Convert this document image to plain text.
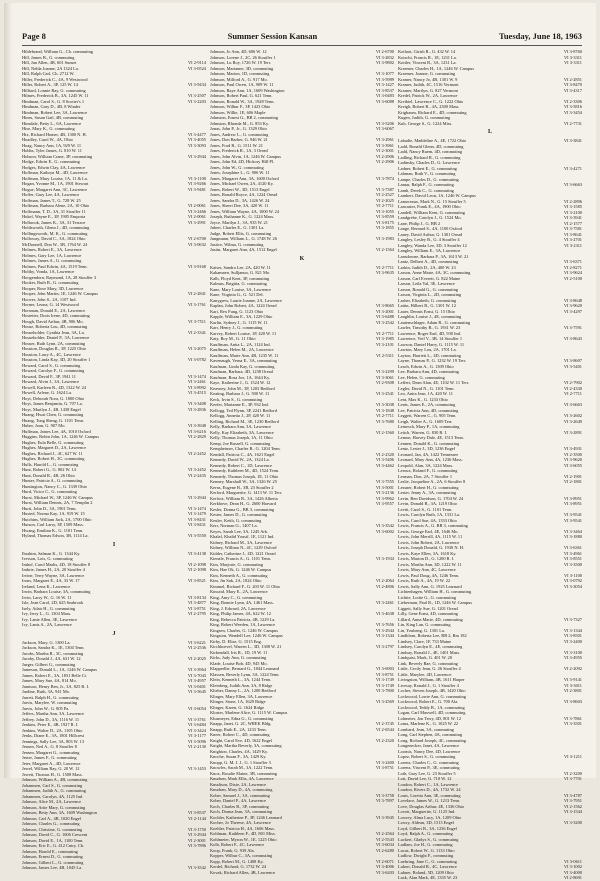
Page 8	Summer Session Kansan	Tuesday, June 18, 1963
Hildebrand, William G., Ch. commuting
Hill, James B., G. commuting
Hill, Jan Allen, 4B, 601 Sunset	VI 2-9114
Hill, Nelda Joanne, 2A 1324 La.	VI 3-0524
Hill, Ralph Carl, Ch. 2712 W.
Hiller, Frederick C., 4A, 9 Westwood
Hiller, Robert A., 3P, 125 W. 14	VI 3-9434
Hilliard, Lonnie Ray, G. commuting
Hilmes, Frederick B., 3A, 1245 W. 11	VI 3-2507
Hindman, Carol S., G. 8 Scotter's 1	VI 3-2203
Hindman, Gary D., 4B, 8 Winder
Hindman, Robert Lee, 3A, Lawrence
Hines, Susan Gail, 4B, commuting
Hinsdale, Betty L., 6A, Lawrence
Hise, Mary K., G. commuting
Hix, Richard Homer, 4B, 1300 N. H.	VI 3-4477
Hoadley, Carol W., 4A, Ohio	VI 3-4055
Hoag, Nancy Ann, 1A, 929 W. 11	VI 3-3093
Hobbs, Tyler James, G. 810 W. 11
Hobson, William Crane, 3P, commuting	VI 3-2944
Hodge, Edwin E., G. commuting
Hodges, Edwin Clay, 4A, Lawrence
Hoffman, Kathryn M., 4D, Lawrence
Hoffman, Mary Louise, 1A, 11 & La.	VI 3-1100
Hogan, Yvonne M., 1A, 1901 Stewart	VI 3-9266
Hogue, Margaret Ann, 3C, Lawrence	VI 3-9481
Hoffer, Gary Lee, 4A, Lawrence
Hoffman, James T., G. 728 W. 25
Hoffman, Barbara Alene, 2A, 10 Ohio	VI 2-0061
Hoffmann, T. D., 3A, 31 Stouffer 11	VI 3-2466
Hokel, Wayne E., 3P, 1905 Emporia	VI 2-0061
Holbrook, James K., 3A, 31 Terrace	VI 3-2991
Holdsworth, Glenn J., 4D, commuting
Hollingsworth, M. K., G. commuting
Holloway, David C., 3A, 1824 Ohio	VI 2-6700
McDonnell, Don W., 3B, 1764 W. 24	VI 3-0632
Holmes, Robert E., 3A, Lawrence
Holmes, Gary Lee, 1A, Lawrence
Holmes, James A., G. commuting
Holmes, Paul Edwin, 4A, 1519 Tenn.	VI 3-9168
Holtby, Vonda, 1A, Lawrence
Hoogendorn, Raymond, 1A, 28 Stouffer 3
Hooker, Ruth B., G. commuting
Hooper, Rose Mary, 3D, Lawrence
Hooper, John Martin, 1E, 1246 W. Campus	VI 2-2841
Hoover, John S., 2A, 1107 Ind.
Horner, Leona, G. 14 Westwood	VI 3-1761
Horsman, Donald E., 2A, Lawrence
Hostetter, Doris Irene, 4D, commuting
Hough, David Arthur, 4B, 906 Mo.	VI 3-7511
House, Roberta Lou, 4D, commuting
Householder, Cynthia Jean, 3A, La.	VI 2-3341
Householder, Daniel P., 3A, Lawrence
Houser, Ruth Lynn, 2A, commuting
Houston, Douglas R., 3P, 1225 Ohio	VI 3-2075
Houston, Larry A., 4C, Lawrence
Houston, Linda Kay, 3D, 20 Stouffer 1	VI 3-0782
Howard, Carol S., G. commuting
Howard, Carolyn F., G. commuting
Howard, David F., 3P, 1941 11	VI 3-1474
Howard, Alvin J., 3A, Lawrence	VI 3-2461
Howell, Karleen R., 4D, 1322 W. 24	VI 3-8992
Howell, Arlene, G. 1624 La.	VI 3-4515
Hoyt, Deborah Nora, G. 1800 Ohio
Hoyt, James Benjamin, G. 707 La.	VI 3-3408
Hoyt, Marilyn J., 4B, 1438 Engel	VI 3-2836
Huang, Hwai Chen, G. commuting
Huang, Tong Sheng, G. 1101 Tenn.
Huber, Joan, G. 907 Mo.	VI 3-3948
Huffman, James Lee, 4A, 1010 Oxford	VI 3-6216
Huggins, Robin John, 1A, 1246 W. Campus	VI 2-2829
Hughes, Eula Belle, G. commuting
Hughes, Margaret D., 2A, Lawrence
Hughes, Richard J., 4C, 627 W. 11	VI 2-2452
Hughes, Robert H., 3C, commuting
Hulls, Harold L., G. commuting
Hunt, Robert G., G. 802 W. 14	VI 3-2452
Hunt, Donald R., 4B, 26 Ohio	VI 2-2435
Hunter, Patricia A., G. commuting
Huntington, Nancy C., G. 1339 Ohio
Hurd, Victor C., G. commuting
Hurst, Michael W., 3P, 1246 W. Campus	VI 3-2944
Hurst, William Dennis, 2A, 7 Templin 2
Hurtt, John D., 3A, 1901 Tenn.	VI 3-1474
Husted, Norma Kay, 1A, 919 W. 15	VI 3-1479
Hutchins, William Jack, 2A, 1700 Ohio	VI 3-8431
Hutson, Carl Larry, 3P, 1509 Mass.	VI 3-8431
Hwang, Emilian K., G. 1101 Tenn.
Hyland, Thomas Edwin, 3B, 1114 La.	VI 3-5550
I
Ibrahim, Salman K., G. 1344 Ky.	VI 3-4138
Iverson, Lois, G. commuting
Imhof, Carol Marlis, 4D, 18 Stouffer 8	VI 2-1098
Imbrie, James H., 2A, 20 Stouffer 4	VI 2-1098
Irvine, Terry Wayne, 3A, Lawrence
Irons, Margaret E., 4A, 33 W. 17	VI 3-8521
Ireland, Lena K., Lawrence
Irwin, Barbara Louise, 3A, commuting
Irvin, Larry W., G. 16 W. 11	VI 3-8134
Isle, Jean Carol, 2D, 625 Seabrook	VI 3-4877
Isely, Adair H., G. commuting	VI 3-8751
Ivy, Jerry L., G. 1304 Mass.	VI 2-2795
Ivy, Lanie Allen, 3E, Lawrence
Ivy, Lanis A., 2A, Lawrence
J
Jackson, Mary, G. 1300 La.	VI 3-6221
Jackson, Sandra K., 1E, 1304 Tenn.	VI 2-2536
Jacobs, Martha R., 3C, commuting
Jacoby, Donald J., 4A, 631 W. 12	VI 2-2025
Jaeger, Gilbert G., commuting
Jameson, Donald L., 1A, 1246 W. Campus	VI 3-3964
James, Robert E., 3A, 1831 Belle Ct.	VI 3-7043
James, Mary Sue, 4A, 814 Mo.	VI 3-4957
Jamison, Henry Ben, Jr., 3A, 825 R. I.	VI 3-0401
Jardine, Ruth, 3A, 941 Mo.	VI 3-5645
Jarrett, Ralph H., G. commuting
Jarvis, Marylee, W. commuting
Jarvis, John W., G. 805 Pa.	VI 3-6054
Jeffers, Martha Ann, 3A, Lawrence
Jeffrey, John D., 3A, 1116 W. 11	VI 3-3761
Jenkins, Peter E., 4B, 1927 R. I.	VI 3-6484
Jenkins, Walter D., 2A, 1105 Ohio	VI 3-3424
Jenks, Diane E., 3A, 1801 Hillcrest	VI 3-1177
Jennings, Sally Lee, 3A, 803 W. 13	VI 3-5096
Jensen, Ned A., G. 8 Stouffer 8	VI 2-2130
Jensen, Margaret G., commuting
Jester, James F., G. commuting
Jeter, Margaret A., 4D, Lawrence
Jewel, William Ray, G. 20 W. 12	VI 3-1453
Jewett, Thomas H., G. 1508 Mass.
Johnson, William A., 4B, commuting
Johannsen, Carl S., G. commuting
Johannsen, Judith A., G. commuting
Johannsen, Carolyn, 4A, 1125 Ind.
Johnson, Alice M., 2A, Lawrence
Johnson, Artie Mary, G. commuting
Johnson, Betty Ann, 3A, 1609 Washington	VI 3-8537
Johnson, Carl A., 4B, 1020 Engel	VI 2-1144
Johnson, Charles G., commuting
Johnson, Christine, G. commuting	VI 3-1750
Johnson, David C., G. 1606 Crescent	VI 3-2944
Johnson, David E., 1A, 1100 Tenn.	VI 2-3001
Johnson, Eric E., G. 412 Cntry. Cb.	VI 3-7896
Johnson, Harold E., commuting
Johnson, Ernest D., G. commuting
Johnson, Gilbert L., G. commuting
Johnson, James Lee, 4B, 1045 La.	VI 3-3542
Johnson, Jo Ann, 4D, 606 W. 12	VI 2-6700
Johnson, Lorene J., 2C, 26 Stouffer 1	VI 3-2832
Johnson, Lu Roy, 1726 W. 19 Terr.	VI 3-9802
Johnson, Marianne, 3D, commuting
Johnson, Marion, 1D, commuting	VI 3-1077
Johnson, Milford A., G. 917 Mo.	VI 3-5989
Johnson, Paul Owen, 1A, 909 W. 11	VI 3-1427
Johnson, Raye Ann, 1A, 1609 Washington	VI 3-8537
Johnson, Robert Paul, G. 621 Tenn.	VI 3-0483
Johnson, Ronald W., 3A, 1928 Tenn.	VI 3-6088
Johnson, Wilbur F., 3P, 1423 Ohio
Johnson, Willie, 1E, 606 Maple
Johnston, Ernest G., BB 2, commuting
Johnston, Rhonda M., G. 853 Ky.	VI 3-5206
Jonas, John P., Jr., G. 1329 Ohio	VI 3-6067
Jones, Andrew L., G. commuting
Jones, Don Barber, G. 946 W. 21	VI 3-2961
Jones, Ford R., G. 1511 W. 21	VI 3-3961
Jones, Frederick R., 1A, 3 Oread	VI 2-3001
Jones, John Alvin, 1A, 1246 W. Campus	VI 2-2906
Jones, John Ed, 4D, Hickory Hill Pl.	VI 2-2906
Jones, John W., G. commuting
Jones, Josephine L., G. 906 W. 11
Jones, Margaret Ann, 3A, 1600 Oxford	VI 3-7874
Jones, Michael Owen, 2A, 4120 Ky.
Jones, Robert W., 3D, 1513 Engel	VI 3-7387
Jones, Ronald Royce, 4A, 1224 Oread	VI 2-2527
Jones, Sandra D., 3A, 1426 W. 24	VI 2-2025
Jones, Sherri Dee, 3A, 420 W. 11	VI 2-7711
Jones, William Wayne, 4A, 1000 W. 24	VI 3-1055
Joseph, Ruthanne K., G. 1224 Mass.	VI 3-8559
Joyce, Marilyn J., 3A, 935 W. 21	VI 3-8175
Jubert, Charles E., G. 1301 La.	VI 3-1855
Judge, Robert Ellis, G. commuting
Jungmann, William L., G. 1748 W. 26	VI 3-1983
Justice, Wilma, G. commuting
Justin, Margaret Ann, 4A, 1512 Engel	VI 2-1564
K
Kaiser, Sandra Lee, 2A, 420 W. 11	VI 2-7711
Kakamaen, Sulljanuo, G. 821 Mo.	VI 3-9635
Kalb, Floyd Kent, 3P, commuting
Kalmus, Brigitta, G. commuting
Kane, Mary Louise, 3A, Lawrence
Kane, Virginia G., G. 521 Del.
Kanygrew, Laurie Joanne, 2A, Lawrence
Kaplan, John Robert, 4A, 1224 Oread	VI 3-8665
Kari, Rex Fung, G. 1123 Ohio	VI 3-2001
Kapple, William E., 3A, 1229 Ohio	VI 3-6488
Karlin, Sydney J., G. 1115 W. 11	VI 3-2542
Karr, Henry J., G. commuting
Karvey, Robert Louise, 1P, 420 W. 11	VI 2-7711
Katy, Roy M., G. 11 Ohio	VI 3-1985
Kauffman, Anita L., 2A, 1124 Ind.	VI 3-2101
Kauffman, Helen M., 2A, Lawrence
Kauffman, Marie Ann, 4B, 1235 W. 11	VI 2-5311
Kavenaugh, Verna E., 3A, commuting
Kaufman, Linda Kay, G. commuting
Kaufman, Barbara, 4D, 1238 Oread	VI 3-2299
Kaufman, Rosa Joe, 1A, 1644 Ky.	VI 3-3061
Kaye, Katherine J., G. 1524 W. 12	VI 2-9308
Keavney, John M., 3P, 1203 Bedford
Keating, Barbara J., G. 500 W. 11	VI 3-2541
Keck, Irvin S., G. commuting
Keefer, Marianne E., 3P, 932 Ind.	VI 3-3038
Kellogg, Ted Flynn, 3P, 2241 Bedford	VI 3-1848
Kellogg, Annetta J., 2P, 420 W. 11	VI 2-7711
Kelling, Richard M., 3E, 1230 Bedford	VI 3-7680
Kelly, Barbara Ann, 3A, Lawrence
Kelly, Kay Elizabeth, 3A, Lawrence	VI 2-1560
Kelly, Thomas Joseph, 1A, 11 Ohio
Kemp, Joe Russell, G. commuting
Kempheimer, Charles R., G. 1204 Tenn.
Kendall, Patricia C., 4A, 1621 Engel	VI 2-2320
Kennedy, David W., 2A, 1324 La.	VI 3-5406
Kennedy, Robert C., 1D, Lawrence	VI 3-4462
Kennedy, Kathleen M., 4D, 1524 Tenn.
Kennedy, Thomas Joseph, 1E, 11 Ohio
Kenney, Marshall W., 3A, 1326 W. 25	VI 3-7555
Kerns, Eugene B., 3B, 23 Stouffer 2	VI 3-5001
Kerford, Marguerite, G. 1413 W. 11 Terr.	VI 3-2136
Kerfoot, William R., 3A, 1426 Alberta	VI 3-9962
Kerkhove, Dean H., G. 2600 Harvard	VI 3-9557
Kesler, Donna G., BB 3, commuting
Kester, James D., G. commuting
Keuler, Keith, G. commuting
Kerr, Norman G., 1407 La.	VI 3-3542
Keyes, Sarah Lee, 3A, 1245 Ark.	VI 3-6002
Khalaf, Khalid Yousif, 1E, 1121 Ind.
Kidney, Richard M., 3A, Lawrence
Kidney, William N., 4C, 1229 Oxford
Kidder, Catherine J., 4D, 1221 Oread
Kienzle, Francis A., G. 1101 Tenn.	VI 3-1934
Kim, Marjorie, G. commuting
Kim, Hae Ok, G. 1246 W. Campus
Kim, Kenneth A., G. commuting
Kim, Jin Suk, 2A, 1824 Ohio	VI 2-2064
Kimmel, Richard F., G. 203 W. 11 Ohio	VI 2-4806
Kincaid, Mary E., 2A, Lawrence
King, Amy C., G. commuting
King, Bonnie Lynn, 4A, 1461 Mass.	VI 3-2461
King, J. Edward, 2A, Lawrence
King, Philip James, 4A, 622 W. 12	VI 3-4638
King, Rebecca Patricia, 4B, 1229 La.
King, Robert Weeden, 1A, Lawrence	VI 3-7656
Kingsen, Charles, G. 1246 W. Campus	VI 3-2944
Kingston, Wendell Lee, 1246 W. Campus	VI 3-1344
Kirby, D. Elise, G. 1515 Eng.
Kirchhoevel, Warren L., 3D, 1308 W. 21	VI 3-2797
Kirkendall, Iris R., 1D, 19 W. 11
Kirks, Judy Ann, G. commuting
Klade, Louise Bob, 4D, 945 Mo.
Klapperlhe, Bernard G., 1844 Learnard	VI 3-6903
Klassen, Beverly Lynn, 3A, 1224 Tenn.	VI 3-8751
Klein, Kenneth L., 3A, 1244 Tenn.	VI 3-1749
Kleinberg, Judith Ann, 3A, 8 Ridge	VI 3-1749
Klieber, Danny L., 2A, 1200 Bedford	VI 3-7800
Klinger, Mary Ellen, 3A, Lawrence
Klinger, Stone, 1A, 1629 Ridge	VI 3-2569
Klinger, Karen, G. 1624 Ridge
Kloster, Marlene Alice, G. 1115 W. Campus
Klusmeyer, Edna G., G. commuting
Knapp, Janet, G. 2C, WREK Bldg.	VI 2-3745
Knapp, Ruth E., 2A, 1233 Tenn.	VI 2-6544
Kneer, Robert C., 4D, commuting
Knight, Carol Eve, 4D, 1622 Engel	VI 2-2320
Knight, Martha Beverly, 3A, commuting
Knighton, Charles, 4A, 1429 Ky.
Knoche, Susan F., 3A, 1429 Ky.
Knopp, G. M. J. J., G. 1 Stouffer 3	VI 3-2400
Knowles, Sarah M., 3A, 1222 Tenn.	VI 3-8751
Knox, Rosalie Elaine, 3B, commuting
Knudsen, Mark Ellis, 4A, Lawrence
Knudtson, Dixie, 2A, Lawrence
Knudsen, Mary D., 4A, commuting
Kober, Samuel J., 3A, commuting	VI 3-3758
Kober, Daniel P., 4A, Lawrence	VI 3-7897
Koch, Charles R., 3P, commuting
Koch, Donna Jean, 3A, commuting
Kochler, Katherine P., 3P, 1246 Learnard	VI 3-3945
Kocher, Jo Therese, 4A, Lawrence
Koehler, Patricia H., 4A, 1606 Mass.
Kohlman, Kathleen F., 4D, 801 Miss.	VI 2-2564
Kohlmeier, Myron W., 1E, 1225 Ohio	VI 2-5543
Kolb, Robert F., 4C, Lawrence	VI 3-6034
Koop, Frank, G. 939 Ala.	VI 2-6280
Kopper, Wilbur C., 3A, commuting
Kopp, Robert M., G. 1408 Ky.	VI 2-6071
Kordel, Richard, G. 1732 W. 24	VI 3-4006
Kovak, Richard Allen, 4B, Lawrence	VI 3-6203
Kothari, Girish R., G. 432 W. 14	VI 3-8760
Kotschi, Francis R., 1E, 1231 La.	VI 3-3311
Kottler, Vincent R., 3A, 1231 La.	VI 3-3311
Kraemer, Charles H., 1A, 1246 W. Campus
Kraemer, Joanne, G. commuting
Kramer, Nancy Jo, 4B, 1301 W. 9	VI 2-2851
Kramer, Judith, 4C, 1516 Vermont	VI 3-8470
Kramer, Marilyn, G. 827 Vermont	VI 3-4317
Kredel, Patrick W., 2A, Lawrence
Kreibiel, Lawrence C., G. 1222 Ohio	VI 2-3306
Kreigh, Robert R., 4A, 2300 Mass.	VI 3-5816
Krigbaum, Richard E., 4D, commuting	VI 3-3454
Kugen, Judith, G. commuting
Kuh, George S., G. 1224 Miss.	VI 2-7731
L
Labadie, Maddeline A., 4E, 1722 Ohio	VI 3-3841
Ladd, Ronald Glenn, 4D, commuting
Ladd, Nancy Ruem, 4D, commuting
Ladling, Richard R., G. commuting
Ladinsky, Charles D., G. Lawrence
Ladner, Robert E., G. commuting	VI 3-4271
Lahman, Ruth V., G. commuting
Lampe, Charles D., G. commuting
Lamar, Ralph F., G. commuting	VI 3-6663
Lamb, Derek C., G. commuting
Lambert, David Leon, 1A, 1246 W. Campus
Lamoreaux, Mark N., G. 15 Stouffer 5	VI 2-2896
Lancaster, Frank E., 4A, 1900 Ohio	VI 3-1585
Landell, William Kent, G. commuting	VI 3-2100
Landgrebe, Carolyn J., G. 1524 Mo.	VI 3-3941
Lane, Philip J., G. BB 2	VI 2-1577
Lange, Bernard S., 4A, 1100 Oxford	VI 3-7581
Laney, David Arthur, G. 1301 Oread	VI 3-8641
Langley, Lesley B., G. 4 Stouffer 4	VI 3-2701
Langley, Wanda Lee, 3D, 3 Stouffer 12	VI 3-2311
Langley, William E., 3A, Lawrence
Lansdowne, Barbara P., 3A, 1613 W. 21
Lantz, Delbert A., 4D, commuting	VI 3-6371
Larkin, Judith D., 2A, 400 W. 23	VI 2-8271
Larson, Anne Marie, 4A, 3C, commuting	VI 3-9624
Larson, Carl Everett, G. 822 Maine	VI 2-5100
Larson, Leila Val, 3E, Lawrence
Larson, Ronald G., G. commuting
Larson, Virginia L., 2D, commuting
Lasher, Elizabeth, G. commuting	VI 3-8648
Lattin, Hilbert B., G. 1301 W. 12	VI 3-9620
Lauer, Dennis Ernst, G. 15 Ohio	VI 3-4297
Laughlin, Louise J., 4E, commuting
Lautenschlager, Adam R., G. commuting
Lawler, Timothy R., G. 1931 W. 23	VI 3-7591
Lawrence, Roger Earl, 4D, 930 Ind.
Lawrence, Verl V., 3B, 14 Stouffer 1	VI 3-8643
Lawson, Daniel Harry, G. 1115 W. 11
Lawton, Mary Lou, 2A, 1701 La.
Layton, Harriett L., 4D, commuting
Layne, Thomas P., G. 1232 W. 19 Terr.	VI 3-8607
Leach, Edwin A., G. 1309 Ohio	VI 3-5401
Lee, Barbara Ann, 4D, commuting
Lee, Helen, G. commuting
Leffert, Dean Alan, 4E, 1102 W. 11 Terr.	VI 2-7902
Legler, David N., G. 1101 Tenn.	VI 2-4330
Leo, Anita Jean, 1A, 420 W. 11	VI 2-7711
Lent, Max K., G. 1233 Ohio
Lents, James E., 2A, commuting	VI 3-6663
Lee, Patricia Ann, 4D, commuting
Leggett, Warren C., G. 905 Tenn.	VI 3-2602
Leigh, Walter A., G. 1609 Terr.	VI 3-2649
Lemesch, Mary P., 1A, commuting
Leitch, Warren, G. 830 R. I.	VI 3-2891
Lemon, Harvey Dale, 4E, 1513 Tenn.
Lennen, Donald K., G. commuting
Lentz, Lester J., 3D, 1236 Engel	VI 3-4931
Leonard, Jan, 4A, 1422 Tennessee	VI 2-3500
Leonard, Mary Ann, 4A, 1236 Mass.	VI 3-9620
Leopold, Alan, 3A, 1224 Mass.	VI 3-6055
Leroux, Roland F., G. commuting
Lerman, Don, 2A, 7 Stouffer 1	VI 2-1901
Leslie, Jacqueline A., 2A, 6 Stouffer 8	VI 2-1801
Lessner, Robert H., G. commuting
Lester, Jenny A., 3A, commuting
Levin, Ben Davidson, G. 1704 W. 24	VI 3-8951
Levin, Donald B., 3A, 1219 Ohio	VI 3-8951
Levitt, Carol S., G. 1101 Tenn.
Lewis, Carolyn Ruth, 1A, 1331 La.	VI 3-9541
Lewis, Carol Sue, 4A, 1333 Ohio	VI 3-9541
Lewis, Francis A., G. BB 3, commuting
Lewis, George Earl, 4E, 1646 Mo.	VI 3-3464
Lewis, John Merrill, 4A, 1115 W. 11	VI 3-1880
Lewis, John Robert, 2A, Lawrence
Lewis, Joseph Donald, G. 1930 N. H.	VI 3-6361
Lewis, Kaye Ellen, 3A, 1618 Ky.	VI 3-4961
Lewis, Marion D., G. 1200 R. I.	VI 3-8551
Lewis, Martha Ann, 3D, 1222 W. 11	VI 3-3500
Lewis, Mary Ann, 4C, Lawrence
Lewis, Paul Doug, 4A, 1246 Tenn.	VI 3-1100
Lewis, Ruth A., 4A, 19 W. 22	VI 3-0792
Lewis, Sally Ann, G. 1925 Learnard	VI 3-3054
Lichtenhagen, William H., G. commuting
Lichtie, Lottie G., G. commuting
Lieberman, Paul R., 1D, 1246 W. Campus
Liggett, Sally Sue, G. 1201 Oread
Lilly, Gene Ernst, 4D, commuting
Lillard, Anna Marie, 4D, commuting	VI 3-7327
Lin, King Lan, G. commuting
Lin, Youheng, G. 1301 La.	VI 3-1344
Lindblom, Roberta Lee, BB 2, Rm 182	VI 3-8501
Lindsey, Clare, 1F, 733 Maine	VI 3-2400
Lindsey, Carolyn E., 4E, commuting
Lindsay, Ronald J., 4E, 1401 Mass.	VI 3-3100
Lindquist, Mark, G. 401 W. 20	VI 3-4955
Link, Beverly Rae, G. commuting
Little, Cecily Jean, G. 26 Stouffer 4	VI 2-2092
Little, Marylee, 4D, Lawrence
Livingston, William, 4B, 1611 Harper	VI 3-9141
Livesay, Ronald J., G. 1 Stouffer 4	VI 3-3011
Locher, Steven Joseph, 4B, 1420 Ohio	VI 2-3801
Lockwood, Lorrie Ann, G. commuting
Lockwood, Robert E., G. 700 Ala.	VI 3-8603
Lockwood, Teddy B., 1A, commuting
Logan, Carl Maxwell, 4D, commuting
Lohmeier, Jon Terry, 4D, 801 W. 12	VI 3-7861
Loma, Marlene K., G. 1025 W. 22	VI 3-3501
Lombard, Jean, 3A, commuting
Long, Carl Stephen, 4A, commuting
Long, Richard Joseph, 4C, commuting
Longenecker, Janet, 4A, Lawrence
Loomis, Nancy Dee, 4D, Lawrence
Lopez, Robert S., G. commuting	VI 3-1211
Lorenz, Charles C., G. commuting
Lorenz, Vincent P., 3E, commuting
Loth, Gary Lee, G. 23 Stouffer 5	VI 2-3200
Lott, David Lee, G. 710 W. 12	VI 3-7701
Loudon, Robert C., 1A, Lawrence
Loudon, Rivers D., 4A, 1732 W. 24
Louis, Loretta Ann, 3E, commuting	VI 3-4787
Lovelace, James W., G. 1213 Tenn.	VI 3-7951
Love, Douglas Arthur, 4E, 1336 Ohio	VI 2-1562
Lovett, Marguerite, G. 1125 Ind.	VI 3-1544
Lowrey, Alma Lucy, 1A, 1209 Ohio
Lowry, Aldean, 3D, 1513 Engel	VI 3-3200
Loyd, Gilbert B., 3A, 1236 Engel
Loyd, Ralph A., G. commuting
Luckert, Gladys S., G. commuting
Ludlam, Joe H., G. commuting
Lucas, Robert W., G. 1133 Ohio
Ludlow, Dwight F., commuting
Luehring, Jane C., G. commuting	VI 3-0611
Lukert, Donald R., 4C, Lawrence	VI 3-1002
Lukner, Roland, 5D, 1209 Ohio	VI 3-4000
Lusk, Alan Mark, 4E, 1335 W. 23	VI 2-8691
